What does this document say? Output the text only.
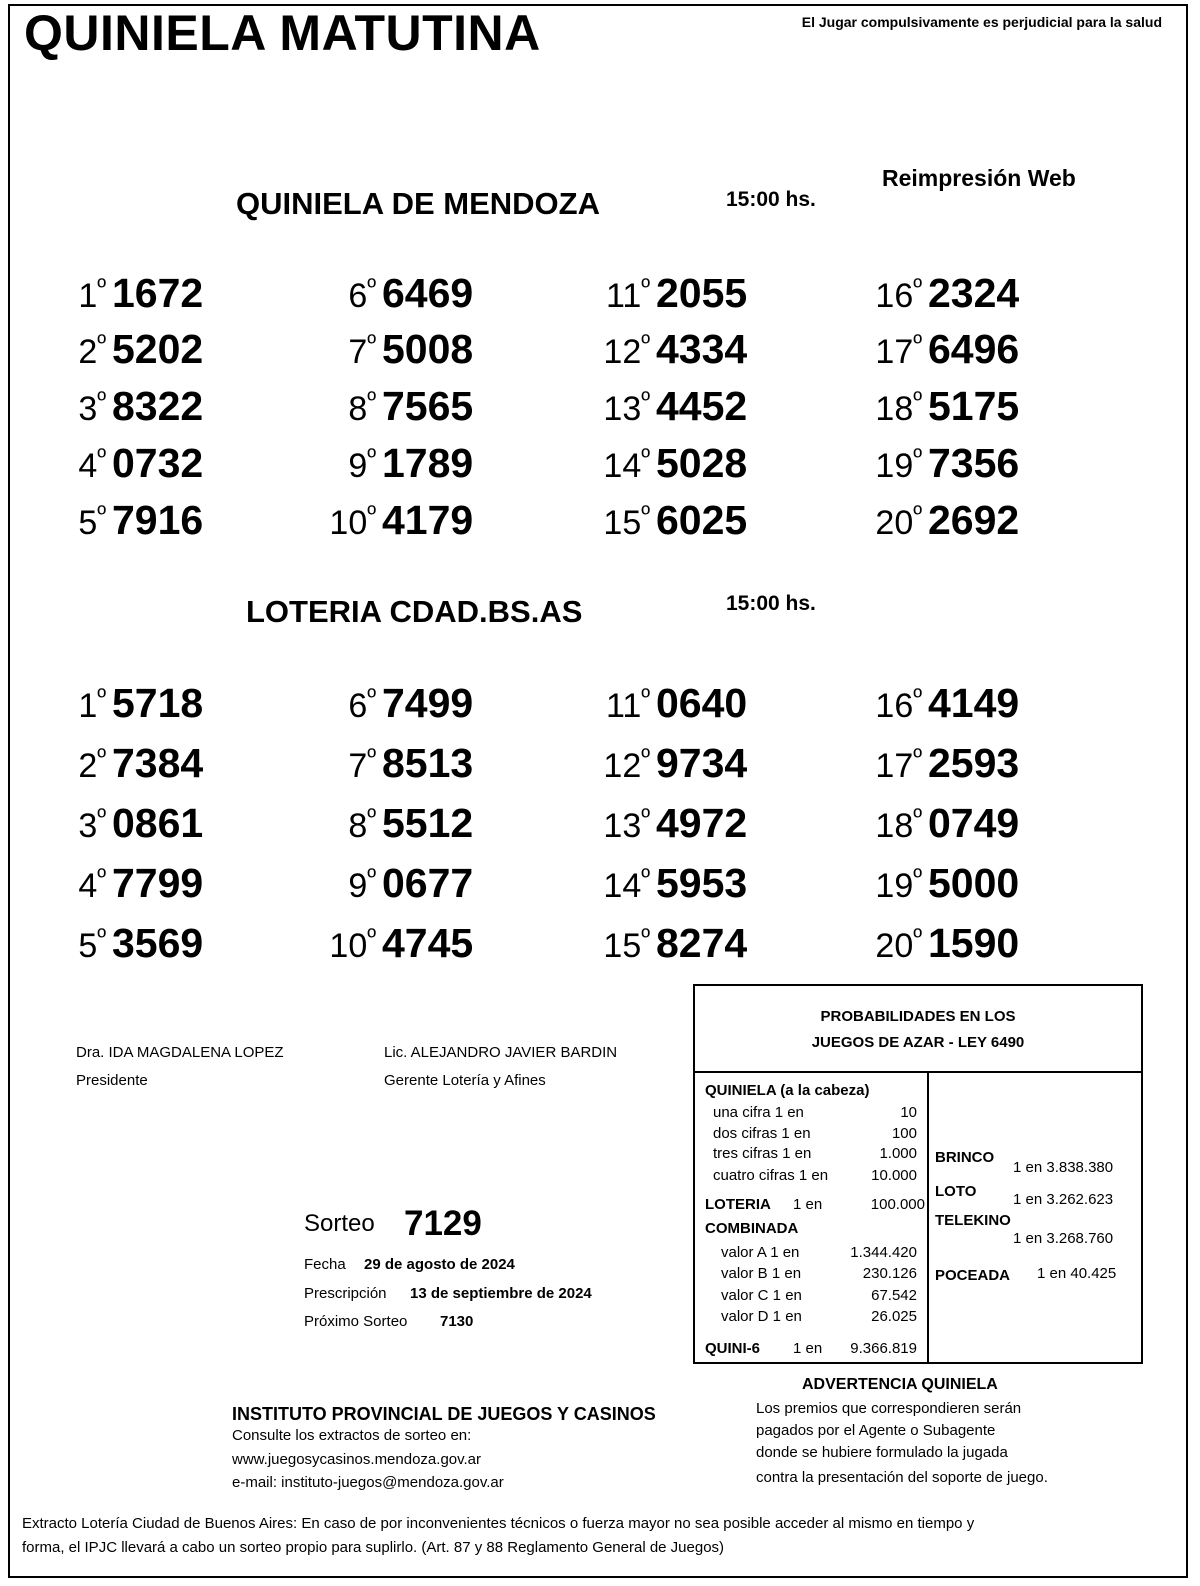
QUINIELA MATUTINA	El Jugar compulsivamente es perjudicial para la salud
Reimpresión Web
QUINIELA DE MENDOZA	15:00 hs.
$1^º$ 1672
$2^º$ 5202
$3^º$ 8322
$4^º$ 0732
$5^º$ 7916
$6^º$ 6469
$7^º$ 5008
$8^º$ 7565
$9^º$ 1789
$10^º$ 4179
$11^º$ 2055
$12^º$ 4334
$13^º$ 4452
$14^º$ 5028
$15^º$ 6025
$16^º$ 2324
$17^º$ 6496
$18^º$ 5175
$19^º$ 7356
$20^º$ 2692
LOTERIA CDAD.BS.AS	15:00 hs.
$1^º$ 5718
$2^º$ 7384
$3^º$ 0861
$4^º$ 7799
$5^º$ 3569
$6^º$ 7499
$7^º$ 8513
$8^º$ 5512
$9^º$ 0677
$10^º$ 4745
$11^º$ 0640
$12^º$ 9734
$13^º$ 4972
$14^º$ 5953
$15^º$ 8274
$16^º$ 4149
$17^º$ 2593
$18^º$ 0749
$19^º$ 5000
$20^º$ 1590
Dra. IDA MAGDALENA LOPEZ
Presidente
Lic. ALEJANDRO JAVIER BARDIN
Gerente Lotería y Afines
Sorteo 7129
Fecha 29 de agosto de 2024
Prescripción 13 de septiembre de 2024
Próximo Sorteo 7130
PROBABILIDADES EN LOS
JUEGOS DE AZAR - LEY 6490
QUINIELA (a la cabeza)
una cifra 1 en	10
dos cifras 1 en	100
tres cifras 1 en	1.000
cuatro cifras 1 en	10.000
LOTERIA 1 en	100.000
COMBINADA
valor A 1 en	1.344.420
valor B 1 en	230.126
valor C 1 en	67.542
valor D 1 en	26.025
QUINI-6 1 en	9.366.819
BRINCO
1 en 3.838.380
LOTO 1 en 3.262.623
TELEKINO
1 en 3.268.760
POCEADA 1 en 40.425
INSTITUTO PROVINCIAL DE JUEGOS Y CASINOS
Consulte los extractos de sorteo en:
www.juegosycasinos.mendoza.gov.ar
e-mail: instituto-juegos@mendoza.gov.ar
ADVERTENCIA QUINIELA
Los premios que correspondieren serán
pagados por el Agente o Subagente
donde se hubiere formulado la jugada
contra la presentación del soporte de juego.
Extracto Lotería Ciudad de Buenos Aires: En caso de por inconvenientes técnicos o fuerza mayor no sea posible acceder al mismo en tiempo y
forma, el IPJC llevará a cabo un sorteo propio para suplirlo. (Art. 87 y 88 Reglamento General de Juegos)
